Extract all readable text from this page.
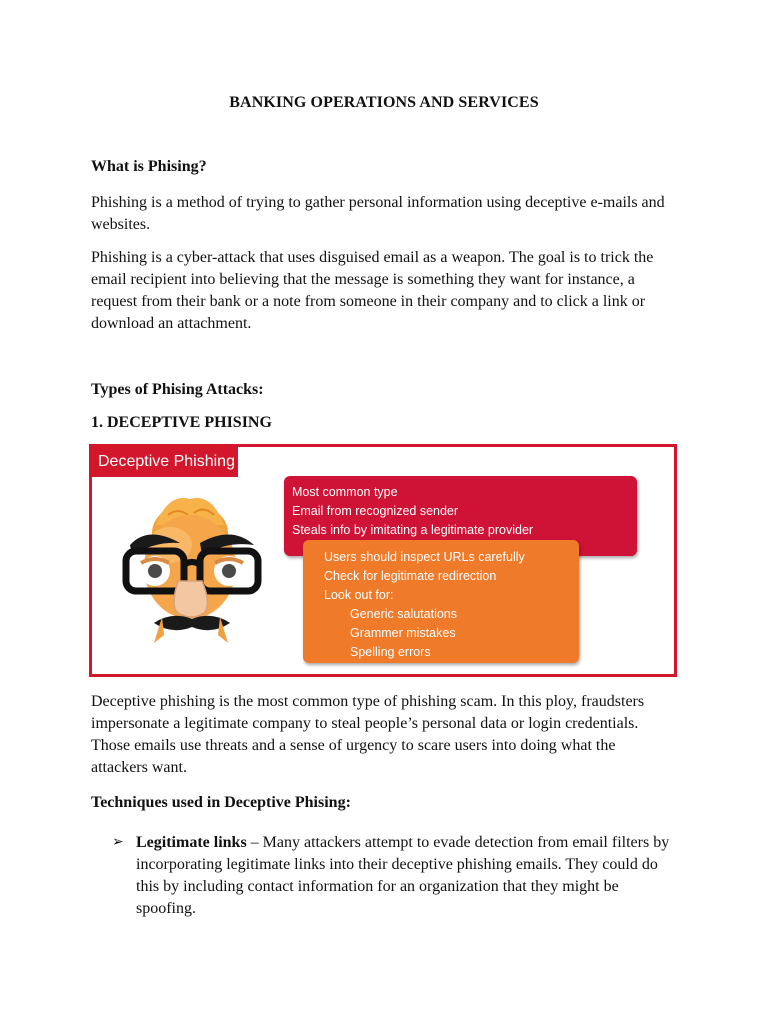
BANKING OPERATIONS AND SERVICES
What is Phising?
Phishing is a method of trying to gather personal information using deceptive e-mails and websites.
Phishing is a cyber-attack that uses disguised email as a weapon. The goal is to trick the email recipient into believing that the message is something they want for instance, a request from their bank or a note from someone in their company and to click a link or download an attachment.
Types of Phising Attacks:
1. DECEPTIVE PHISING
Deceptive Phishing
Most common type
Email from recognized sender
Steals info by imitating a legitimate provider
Users should inspect URLs carefully
Check for legitimate redirection
Look out for:
Generic salutations
Grammer mistakes
Spelling errors
Deceptive phishing is the most common type of phishing scam. In this ploy, fraudsters impersonate a legitimate company to steal people’s personal data or login credentials. Those emails use threats and a sense of urgency to scare users into doing what the attackers want.
Techniques used in Deceptive Phising:
➢ Legitimate links – Many attackers attempt to evade detection from email filters by incorporating legitimate links into their deceptive phishing emails. They could do this by including contact information for an organization that they might be spoofing.
